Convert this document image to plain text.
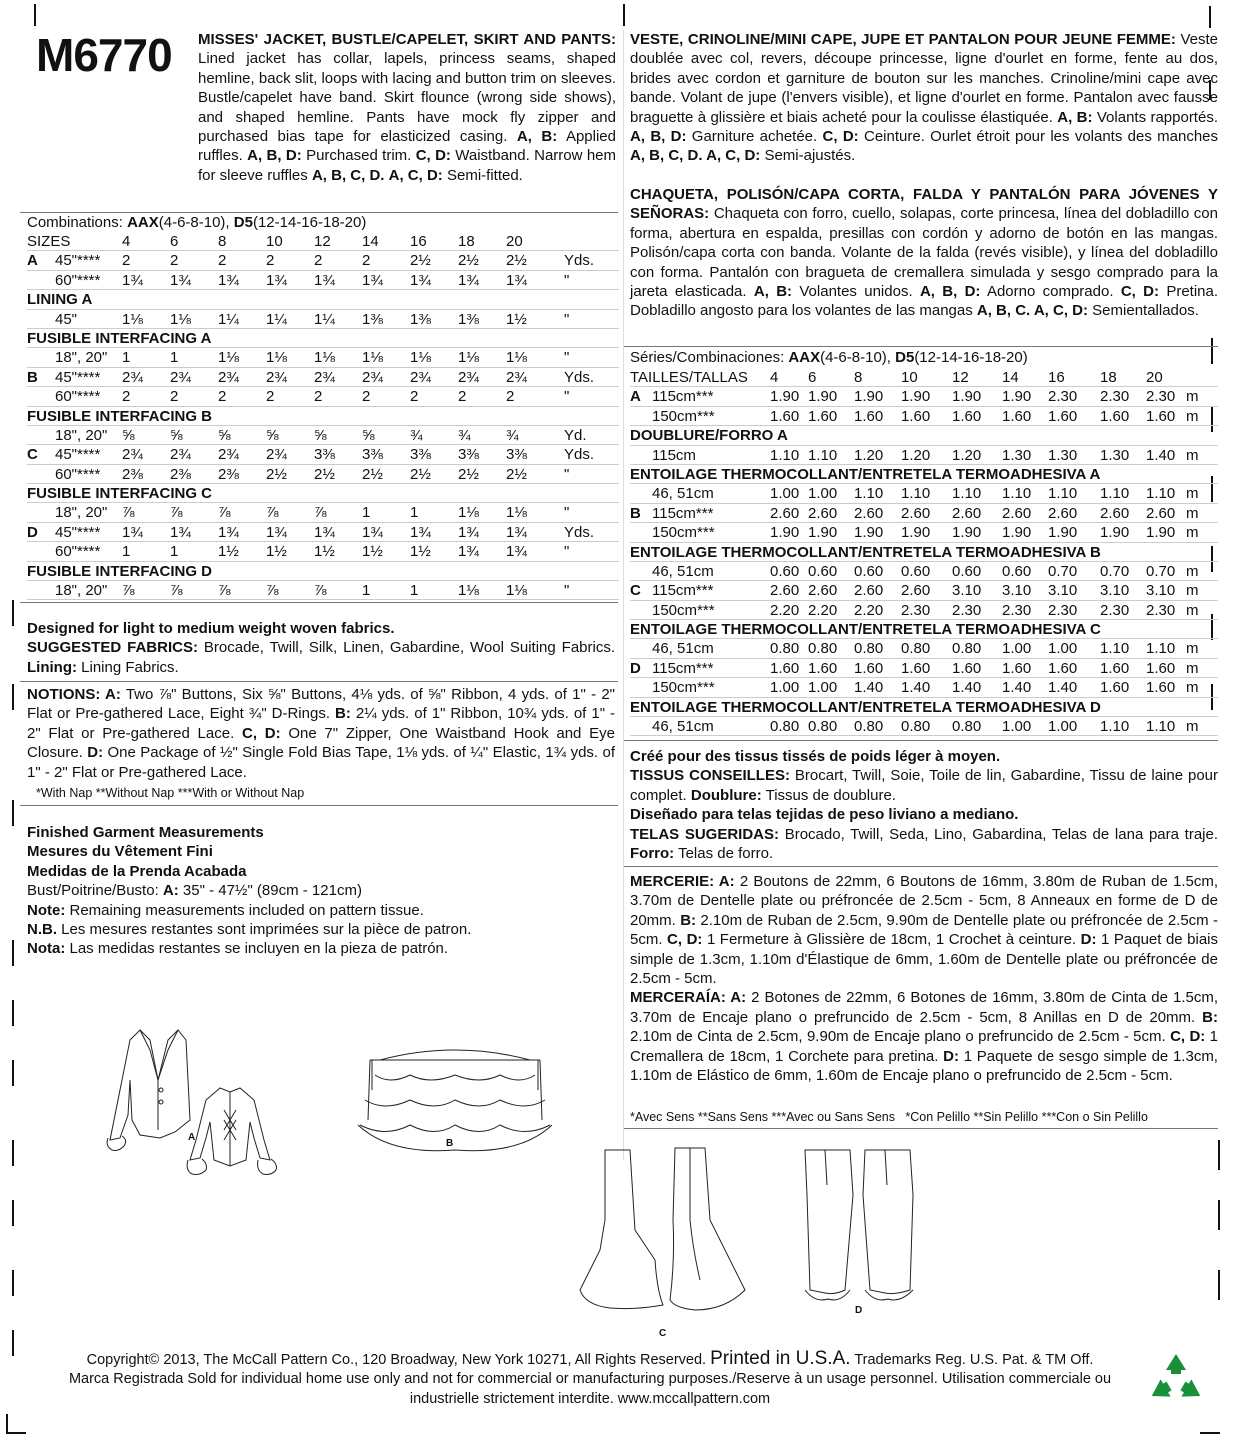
M6770 MISSES' JACKET, BUSTLE/CAPELET, SKIRT AND PANTS: Lined jacket has collar, lapels, princess seams, shaped hemline, back slit, loops with lacing and button trim on sleeves. Bustle/capelet have band. Skirt flounce (wrong side shows), and shaped hemline. Pants have mock fly zipper and purchased bias tape for elasticized casing. A, B: Applied ruffles. A, B, D: Purchased trim. C, D: Waistband. Narrow hem for sleeve ruffles A, B, C, D. A, C, D: Semi-fitted.
VESTE, CRINOLINE/MINI CAPE, JUPE ET PANTALON POUR JEUNE FEMME: Veste doublée avec col, revers, découpe princesse, ligne d'ourlet en forme, fente au dos, brides avec cordon et garniture de bouton sur les manches. Crinoline/mini cape avec bande. Volant de jupe (l'envers visible), et ligne d'ourlet en forme. Pantalon avec fausse braguette à glissière et biais acheté pour la coulisse élastiquée. A, B: Volants rapportés. A, B, D: Garniture achetée. C, D: Ceinture. Ourlet étroit pour les volants des manches A, B, C, D. A, C, D: Semi-ajustés.
CHAQUETA, POLISÓN/CAPA CORTA, FALDA Y PANTALÓN PARA JÓVENES Y SEÑORAS: Chaqueta con forro, cuello, solapas, corte princesa, línea del dobladillo con forma, abertura en espalda, presillas con cordón y adorno de botón en las mangas. Polisón/capa corta con banda. Volante de la falda (revés visible), y línea del dobladillo con forma. Pantalón con bragueta de cremallera simulada y sesgo comprado para la jareta elasticada. A, B: Volantes unidos. A, B, D: Adorno comprado. C, D: Pretina. Dobladillo angosto para los volantes de las mangas A, B, C. A, C, D: Semientallados.
Combinations: AAX(4-6-8-10), D5(12-14-16-18-20)
SIZES	4	6	8	10 12 14 16 18 20
A 45"**** 2	2	2	2	2	2	2½ 2½ 2½ Yds.
60"**** 1¾ 1¾ 1¾ 1¾ 1¾ 1¾ 1¾ 1¾ 1¾ "
LINING A
45"	1⅛ 1⅛ 1¼ 1¼ 1¼ 1⅜ 1⅜ 1⅜ 1½ "
FUSIBLE INTERFACING A
18", 20" 1	1	1⅛ 1⅛ 1⅛ 1⅛ 1⅛ 1⅛ 1⅛ "
B 45"**** 2¾ 2¾ 2¾ 2¾ 2¾ 2¾ 2¾ 2¾ 2¾ Yds.
60"**** 2	2	2	2	2	2	2	2	2	"
FUSIBLE INTERFACING B
18", 20" ⅝ ⅝ ⅝ ⅝ ⅝ ⅝ ¾ ¾ ¾	Yd.
C 45"**** 2¾ 2¾ 2¾ 2¾ 3⅜ 3⅜ 3⅜ 3⅜ 3⅜ Yds.
60"**** 2⅜ 2⅜ 2⅜ 2½ 2½ 2½ 2½ 2½ 2½ "
FUSIBLE INTERFACING C
18", 20" ⅞ ⅞ ⅞ ⅞ ⅞ 1	1	1⅛ 1⅛ "
D 45"**** 1¾ 1¾ 1¾ 1¾ 1¾ 1¾ 1¾ 1¾ 1¾ Yds.
60"**** 1	1	1½ 1½ 1½ 1½ 1½ 1¾ 1¾ "
FUSIBLE INTERFACING D
18", 20" ⅞ ⅞ ⅞ ⅞ ⅞ 1	1	1⅛ 1⅛ "
Séries/Combinaciones: AAX(4-6-8-10), D5(12-14-16-18-20)
TAILLES/TALLAS 4 6	8	10 12 14 16 18 20
A 115cm***	1.90 1.90 1.90 1.90 1.90 1.90 2.30 2.30 2.30 m
150cm***	1.60 1.60 1.60 1.60 1.60 1.60 1.60 1.60 1.60 m
DOUBLURE/FORRO A
115cm	1.10 1.10 1.20 1.20 1.20 1.30 1.30 1.30 1.40 m
ENTOILAGE THERMOCOLLANT/ENTRETELA TERMOADHESIVA A
46, 51cm	1.00 1.00 1.10 1.10 1.10 1.10 1.10 1.10 1.10 m
B 115cm***	2.60 2.60 2.60 2.60 2.60 2.60 2.60 2.60 2.60 m
150cm***	1.90 1.90 1.90 1.90 1.90 1.90 1.90 1.90 1.90 m
ENTOILAGE THERMOCOLLANT/ENTRETELA TERMOADHESIVA B
46, 51cm	0.60 0.60 0.60 0.60 0.60 0.60 0.70 0.70 0.70 m
C 115cm***	2.60 2.60 2.60 2.60 3.10 3.10 3.10 3.10 3.10 m
150cm***	2.20 2.20 2.20 2.30 2.30 2.30 2.30 2.30 2.30 m
ENTOILAGE THERMOCOLLANT/ENTRETELA TERMOADHESIVA C
46, 51cm	0.80 0.80 0.80 0.80 0.80 1.00 1.00 1.10 1.10 m
D 115cm***	1.60 1.60 1.60 1.60 1.60 1.60 1.60 1.60 1.60 m
150cm***	1.00 1.00 1.40 1.40 1.40 1.40 1.40 1.60 1.60 m
ENTOILAGE THERMOCOLLANT/ENTRETELA TERMOADHESIVA D
46, 51cm	0.80 0.80 0.80 0.80 0.80 1.00 1.00 1.10 1.10 m
Designed for light to medium weight woven fabrics.
SUGGESTED FABRICS: Brocade, Twill, Silk, Linen, Gabardine, Wool Suiting Fabrics. Lining: Lining Fabrics.
NOTIONS: A: Two ⅞" Buttons, Six ⅝" Buttons, 4⅛ yds. of ⅝" Ribbon, 4 yds. of 1" - 2" Flat or Pre-gathered Lace, Eight ¾" D-Rings. B: 2¼ yds. of 1" Ribbon, 10¾ yds. of 1" - 2" Flat or Pre-gathered Lace. C, D: One 7" Zipper, One Waistband Hook and Eye Closure. D: One Package of ½" Single Fold Bias Tape, 1⅛ yds. of ¼" Elastic, 1¾ yds. of 1" - 2" Flat or Pre-gathered Lace.
*With Nap **Without Nap ***With or Without Nap
Finished Garment Measurements
Mesures du Vêtement Fini
Medidas de la Prenda Acabada
Bust/Poitrine/Busto: A: 35" - 47½" (89cm - 121cm)
Note: Remaining measurements included on pattern tissue.
N.B. Les mesures restantes sont imprimées sur la pièce de patron.
Nota: Las medidas restantes se incluyen en la pieza de patrón.
Créé pour des tissus tissés de poids léger à moyen.
TISSUS CONSEILLES: Brocart, Twill, Soie, Toile de lin, Gabardine, Tissu de laine pour complet. Doublure: Tissus de doublure.
Diseñado para telas tejidas de peso liviano a mediano.
TELAS SUGERIDAS: Brocado, Twill, Seda, Lino, Gabardina, Telas de lana para traje. Forro: Telas de forro.
MERCERIE: A: 2 Boutons de 22mm, 6 Boutons de 16mm, 3.80m de Ruban de 1.5cm, 3.70m de Dentelle plate ou préfroncée de 2.5cm - 5cm, 8 Anneaux en forme de D de 20mm. B: 2.10m de Ruban de 2.5cm, 9.90m de Dentelle plate ou préfroncée de 2.5cm - 5cm. C, D: 1 Fermeture à Glissière de 18cm, 1 Crochet à ceinture. D: 1 Paquet de biais simple de 1.3cm, 1.10m d'Élastique de 6mm, 1.60m de Dentelle plate ou préfroncée de 2.5cm - 5cm.
MERCERAÍA: A: 2 Botones de 22mm, 6 Botones de 16mm, 3.80m de Cinta de 1.5cm, 3.70m de Encaje plano o prefruncido de 2.5cm - 5cm, 8 Anillas en D de 20mm. B: 2.10m de Cinta de 2.5cm, 9.90m de Encaje plano o prefruncido de 2.5cm - 5cm. C, D: 1 Cremallera de 18cm, 1 Corchete para pretina. D: 1 Paquete de sesgo simple de 1.3cm, 1.10m de Elástico de 6mm, 1.60m de Encaje plano o prefruncido de 2.5cm - 5cm.
*Avec Sens **Sans Sens ***Avec ou Sans Sens   *Con Pelillo **Sin Pelillo ***Con o Sin Pelillo
A
B
C
D
Copyright© 2013, The McCall Pattern Co., 120 Broadway, New York 10271, All Rights Reserved. Printed in U.S.A. Trademarks Reg. U.S. Pat. & TM Off.
Marca Registrada Sold for individual home use only and not for commercial or manufacturing purposes./Reserve à un usage personnel. Utilisation commerciale ou
industrielle strictement interdite. www.mccallpattern.com
